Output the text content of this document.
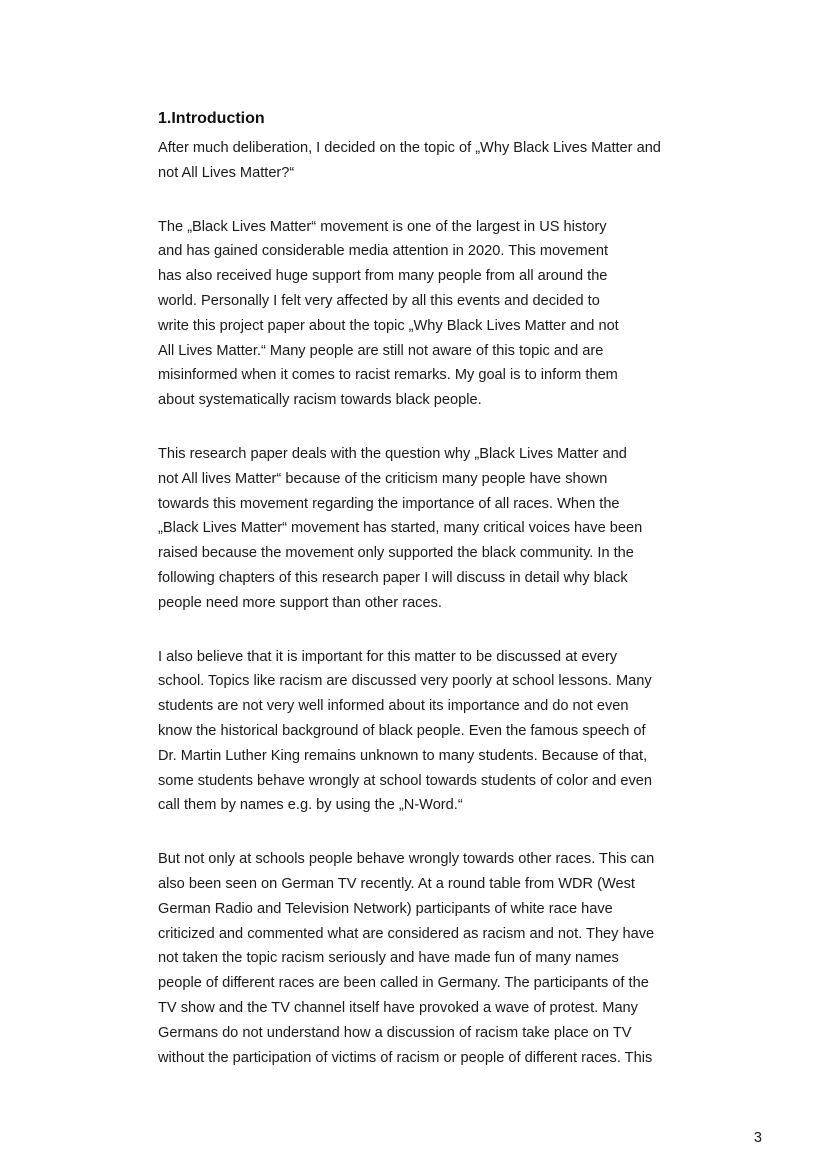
1.Introduction

After much deliberation, I decided on the topic of „Why Black Lives Matter and
not All Lives Matter?“

The „Black Lives Matter“ movement is one of the largest in US history
and has gained considerable media attention in 2020. This movement
has also received huge support from many people from all around the
world. Personally I felt very affected by all this events and decided to
write this project paper about the topic „Why Black Lives Matter and not
All Lives Matter.“ Many people are still not aware of this topic and are
misinformed when it comes to racist remarks. My goal is to inform them
about systematically racism towards black people.

This research paper deals with the question why „Black Lives Matter and
not All lives Matter“ because of the criticism many people have shown
towards this movement regarding the importance of all races. When the
„Black Lives Matter“ movement has started, many critical voices have been
raised because the movement only supported the black community. In the
following chapters of this research paper I will discuss in detail why black
people need more support than other races.

I also believe that it is important for this matter to be discussed at every
school. Topics like racism are discussed very poorly at school lessons. Many
students are not very well informed about its importance and do not even
know the historical background of black people. Even the famous speech of
Dr. Martin Luther King remains unknown to many students. Because of that,
some students behave wrongly at school towards students of color and even
call them by names e.g. by using the „N-Word.“

But not only at schools people behave wrongly towards other races. This can
also been seen on German TV recently. At a round table from WDR (West
German Radio and Television Network) participants of white race have
criticized and commented what are considered as racism and not. They have
not taken the topic racism seriously and have made fun of many names
people of different races are been called in Germany. The participants of the
TV show and the TV channel itself have provoked a wave of protest. Many
Germans do not understand how a discussion of racism take place on TV
without the participation of victims of racism or people of different races. This

3
